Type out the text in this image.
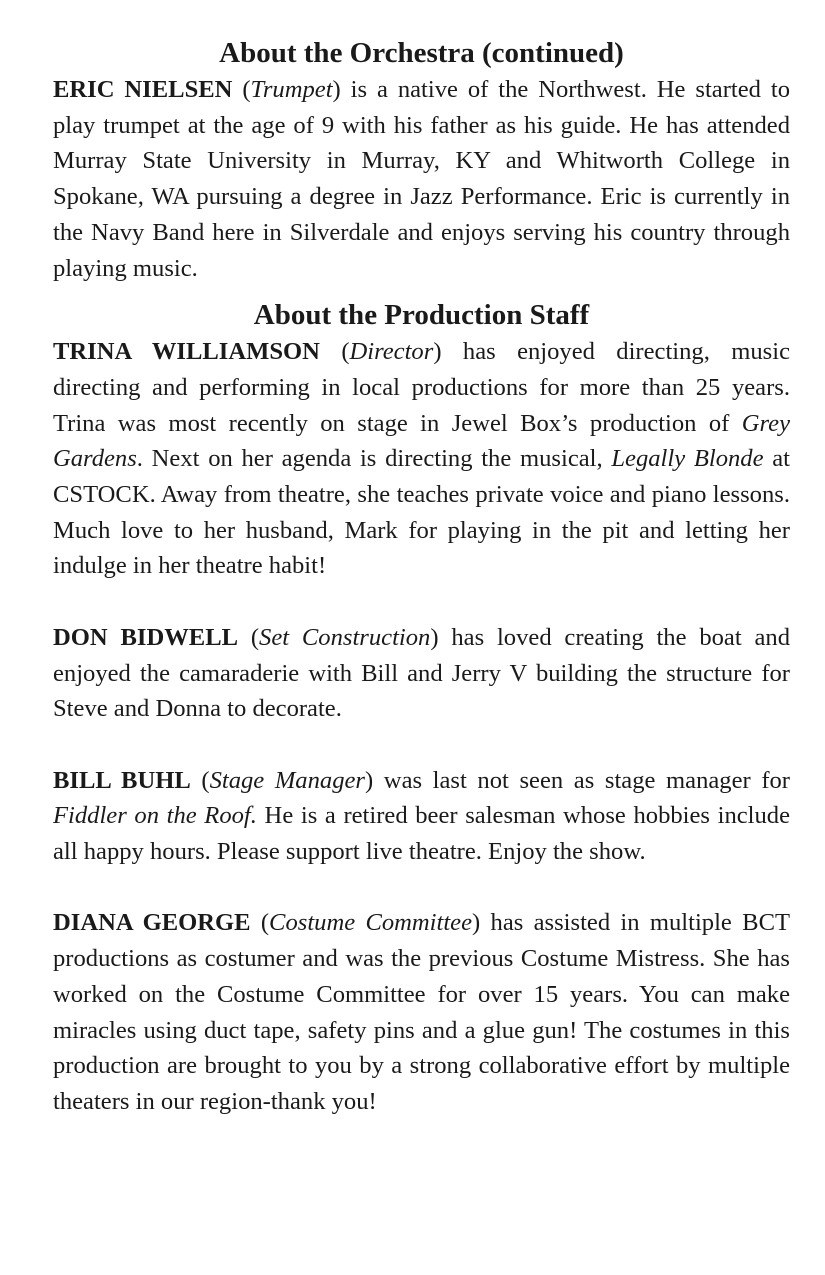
About the Orchestra (continued)

ERIC NIELSEN (Trumpet) is a native of the Northwest. He started to play trumpet at the age of 9 with his father as his guide. He has attended Murray State University in Murray, KY and Whitworth College in Spokane, WA pursuing a degree in Jazz Performance. Eric is currently in the Navy Band here in Silverdale and enjoys serving his country through playing music.

About the Production Staff

TRINA WILLIAMSON (Director) has enjoyed directing, music directing and performing in local productions for more than 25 years. Trina was most recently on stage in Jewel Box’s production of Grey Gardens. Next on her agenda is directing the musical, Legally Blonde at CSTOCK. Away from theatre, she teaches private voice and piano lessons. Much love to her husband, Mark for playing in the pit and letting her indulge in her theatre habit!

DON BIDWELL (Set Construction) has loved creating the boat and enjoyed the camaraderie with Bill and Jerry V building the structure for Steve and Donna to decorate.

BILL BUHL (Stage Manager) was last not seen as stage manager for Fiddler on the Roof. He is a retired beer salesman whose hobbies include all happy hours. Please support live theatre. Enjoy the show.

DIANA GEORGE (Costume Committee) has assisted in multiple BCT productions as costumer and was the previous Costume Mistress. She has worked on the Costume Committee for over 15 years. You can make miracles using duct tape, safety pins and a glue gun! The costumes in this production are brought to you by a strong collaborative effort by multiple theaters in our region-thank you!
